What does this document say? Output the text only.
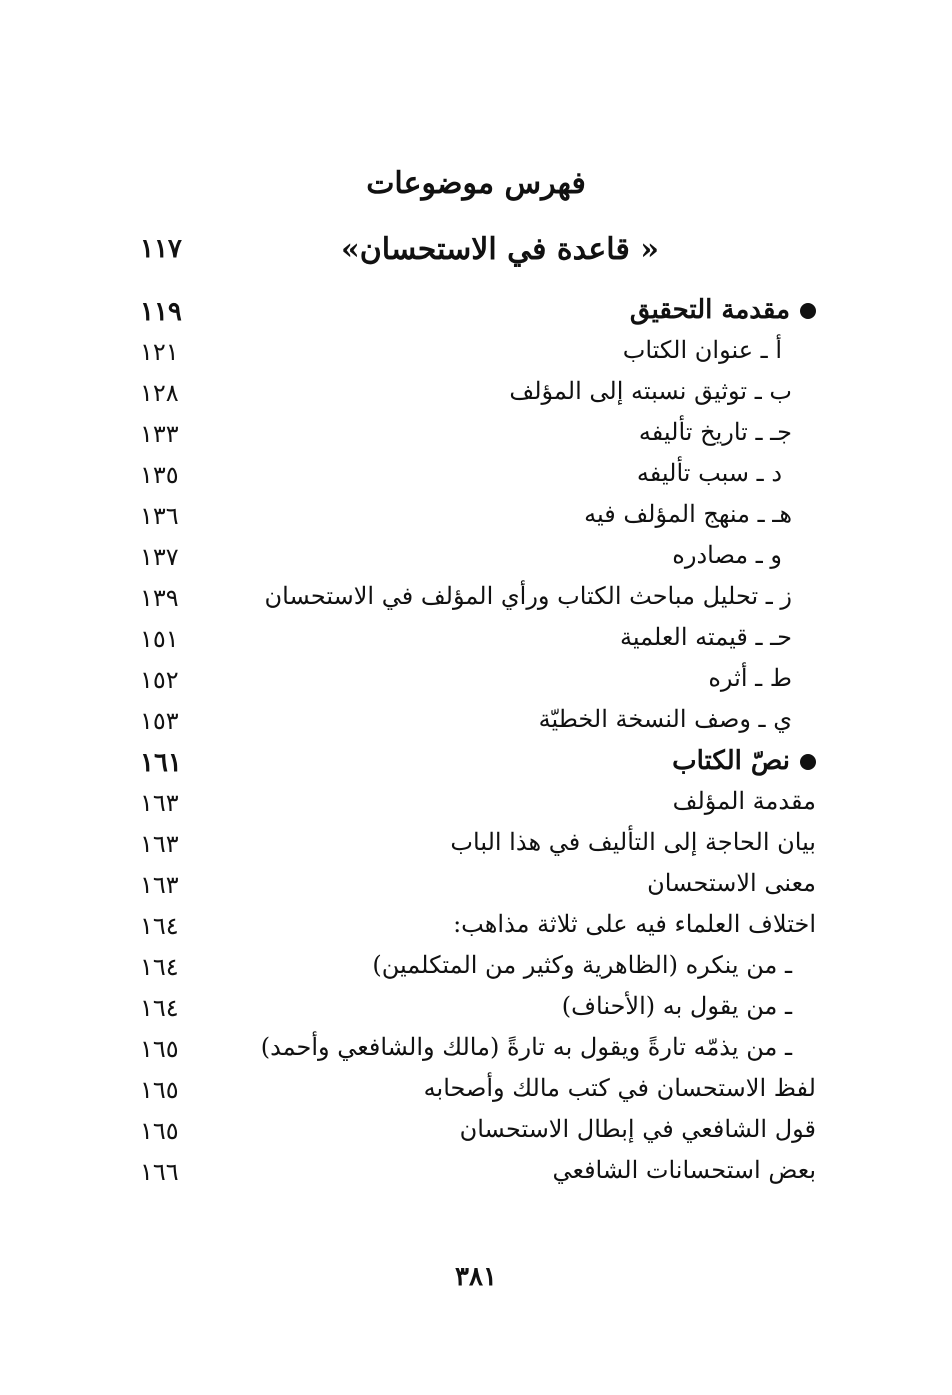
فهرس موضوعات
« قاعدة في الاستحسان»
١١٧
مقدمة التحقيق
١١٩
أ ـ عنوان الكتاب
١٢١
ب ـ توثيق نسبته إلى المؤلف
١٢٨
جـ ـ تاريخ تأليفه
١٣٣
د ـ سبب تأليفه
١٣٥
هـ ـ منهج المؤلف فيه
١٣٦
و ـ مصادره
١٣٧
ز ـ تحليل مباحث الكتاب ورأي المؤلف في الاستحسان
١٣٩
حـ ـ قيمته العلمية
١٥١
ط ـ أثره
١٥٢
ي ـ وصف النسخة الخطيّة
١٥٣
نصّ الكتاب
١٦١
مقدمة المؤلف
١٦٣
بيان الحاجة إلى التأليف في هذا الباب
١٦٣
معنى الاستحسان
١٦٣
اختلاف العلماء فيه على ثلاثة مذاهب:
١٦٤
ـ من ينكره (الظاهرية وكثير من المتكلمين)
١٦٤
ـ من يقول به (الأحناف)
١٦٤
ـ من يذمّه تارةً ويقول به تارةً (مالك والشافعي وأحمد)
١٦٥
لفظ الاستحسان في كتب مالك وأصحابه
١٦٥
قول الشافعي في إبطال الاستحسان
١٦٥
بعض استحسانات الشافعي
١٦٦
٣٨١
